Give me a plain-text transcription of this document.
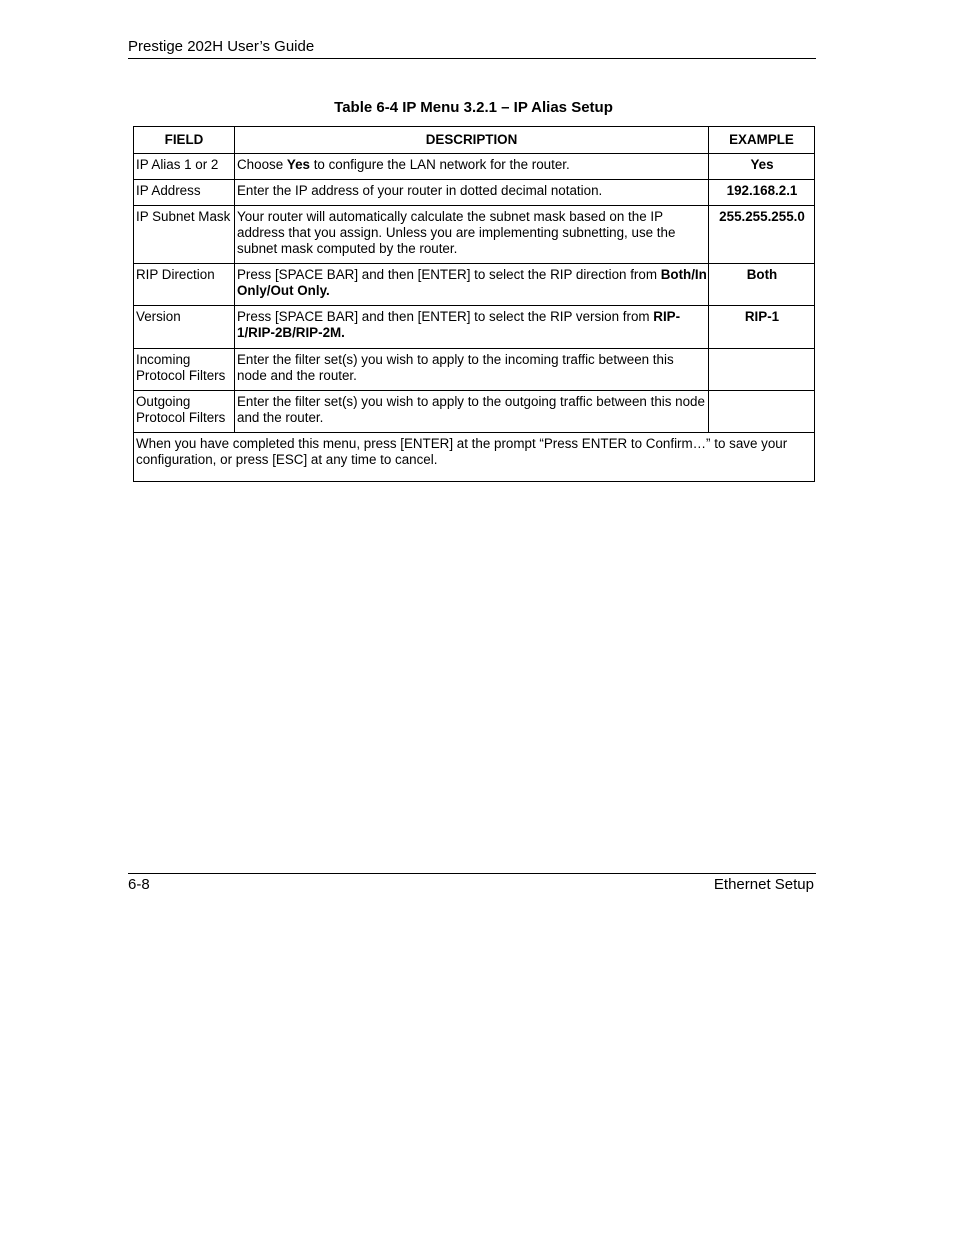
Prestige 202H User’s Guide
Table 6-4 IP Menu 3.2.1 – IP Alias Setup
FIELD	DESCRIPTION	EXAMPLE
IP Alias 1 or 2	Choose Yes to configure the LAN network for the router.	Yes
IP Address	Enter the IP address of your router in dotted decimal notation.	192.168.2.1
IP Subnet Mask	Your router will automatically calculate the subnet mask based on the IP address that you assign. Unless you are implementing subnetting, use the subnet mask computed by the router.	255.255.255.0
RIP Direction	Press [SPACE BAR] and then [ENTER] to select the RIP direction from Both/In Only/Out Only.	Both
Version	Press [SPACE BAR] and then [ENTER] to select the RIP version from RIP-1/RIP-2B/RIP-2M.	RIP-1
Incoming Protocol Filters	Enter the filter set(s) you wish to apply to the incoming traffic between this node and the router.	
Outgoing Protocol Filters	Enter the filter set(s) you wish to apply to the outgoing traffic between this node and the router.	
When you have completed this menu, press [ENTER] at the prompt “Press ENTER to Confirm…” to save your configuration, or press [ESC] at any time to cancel.		
6-8	Ethernet Setup
